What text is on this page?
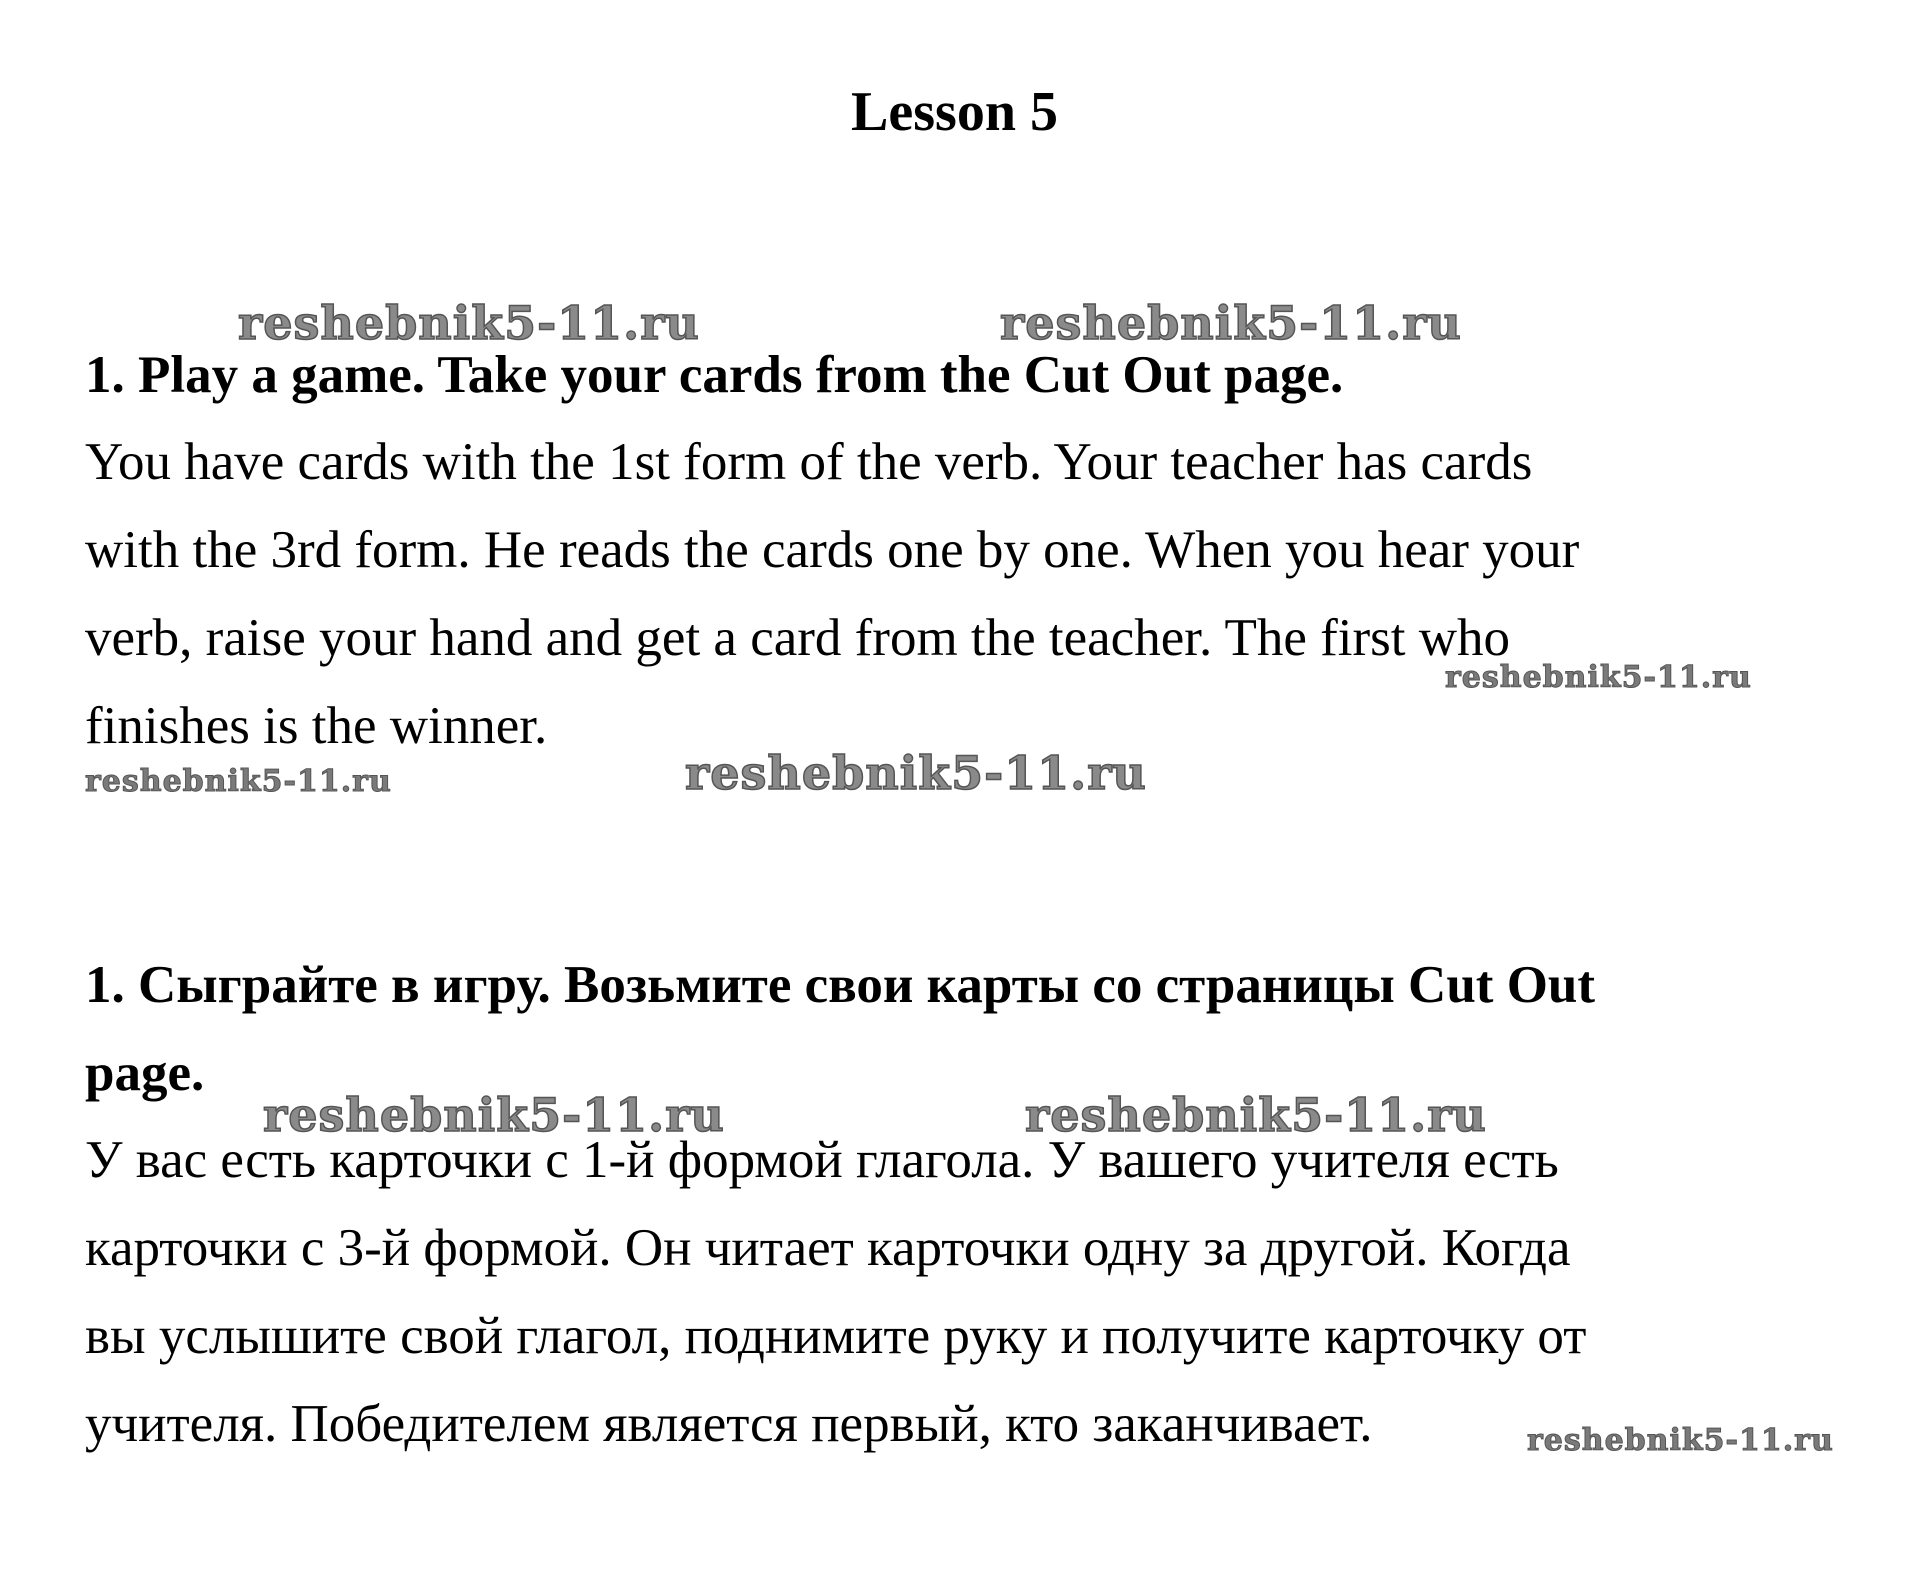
Lesson 5
1. Play a game. Take your cards from the Cut Out page.
You have cards with the 1st form of the verb. Your teacher has cards
with the 3rd form. He reads the cards one by one. When you hear your
verb, raise your hand and get a card from the teacher. The first who
finishes is the winner.
1. Сыграйте в игру. Возьмите свои карты со страницы Cut Out
page.
У вас есть карточки с 1-й формой глагола. У вашего учителя есть
карточки с 3-й формой. Он читает карточки одну за другой. Когда
вы услышите свой глагол, поднимите руку и получите карточку от
учителя. Победителем является первый, кто заканчивает.
reshebnik5-11.ru	reshebnik5-11.ru
reshebnik5-11.ru
reshebnik5-11.ru	reshebnik5-11.ru
reshebnik5-11.ru	reshebnik5-11.ru
reshebnik5-11.ru
